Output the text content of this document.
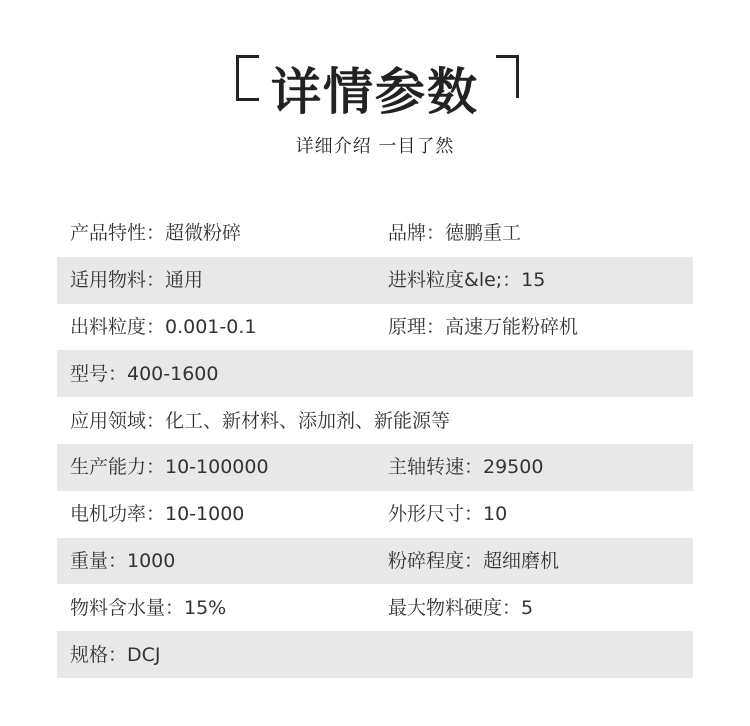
详情参数
详细介绍 一目了然
产品特性：超微粉碎	品牌：德鹏重工
适用物料：通用	进料粒度&le;：15
出料粒度：0.001-0.1	原理：高速万能粉碎机
型号：400-1600
应用领域：化工、新材料、添加剂、新能源等
生产能力：10-100000	主轴转速：29500
电机功率：10-1000	外形尺寸：10
重量：1000	粉碎程度：超细磨机
物料含水量：15%	最大物料硬度：5
规格：DCJ
